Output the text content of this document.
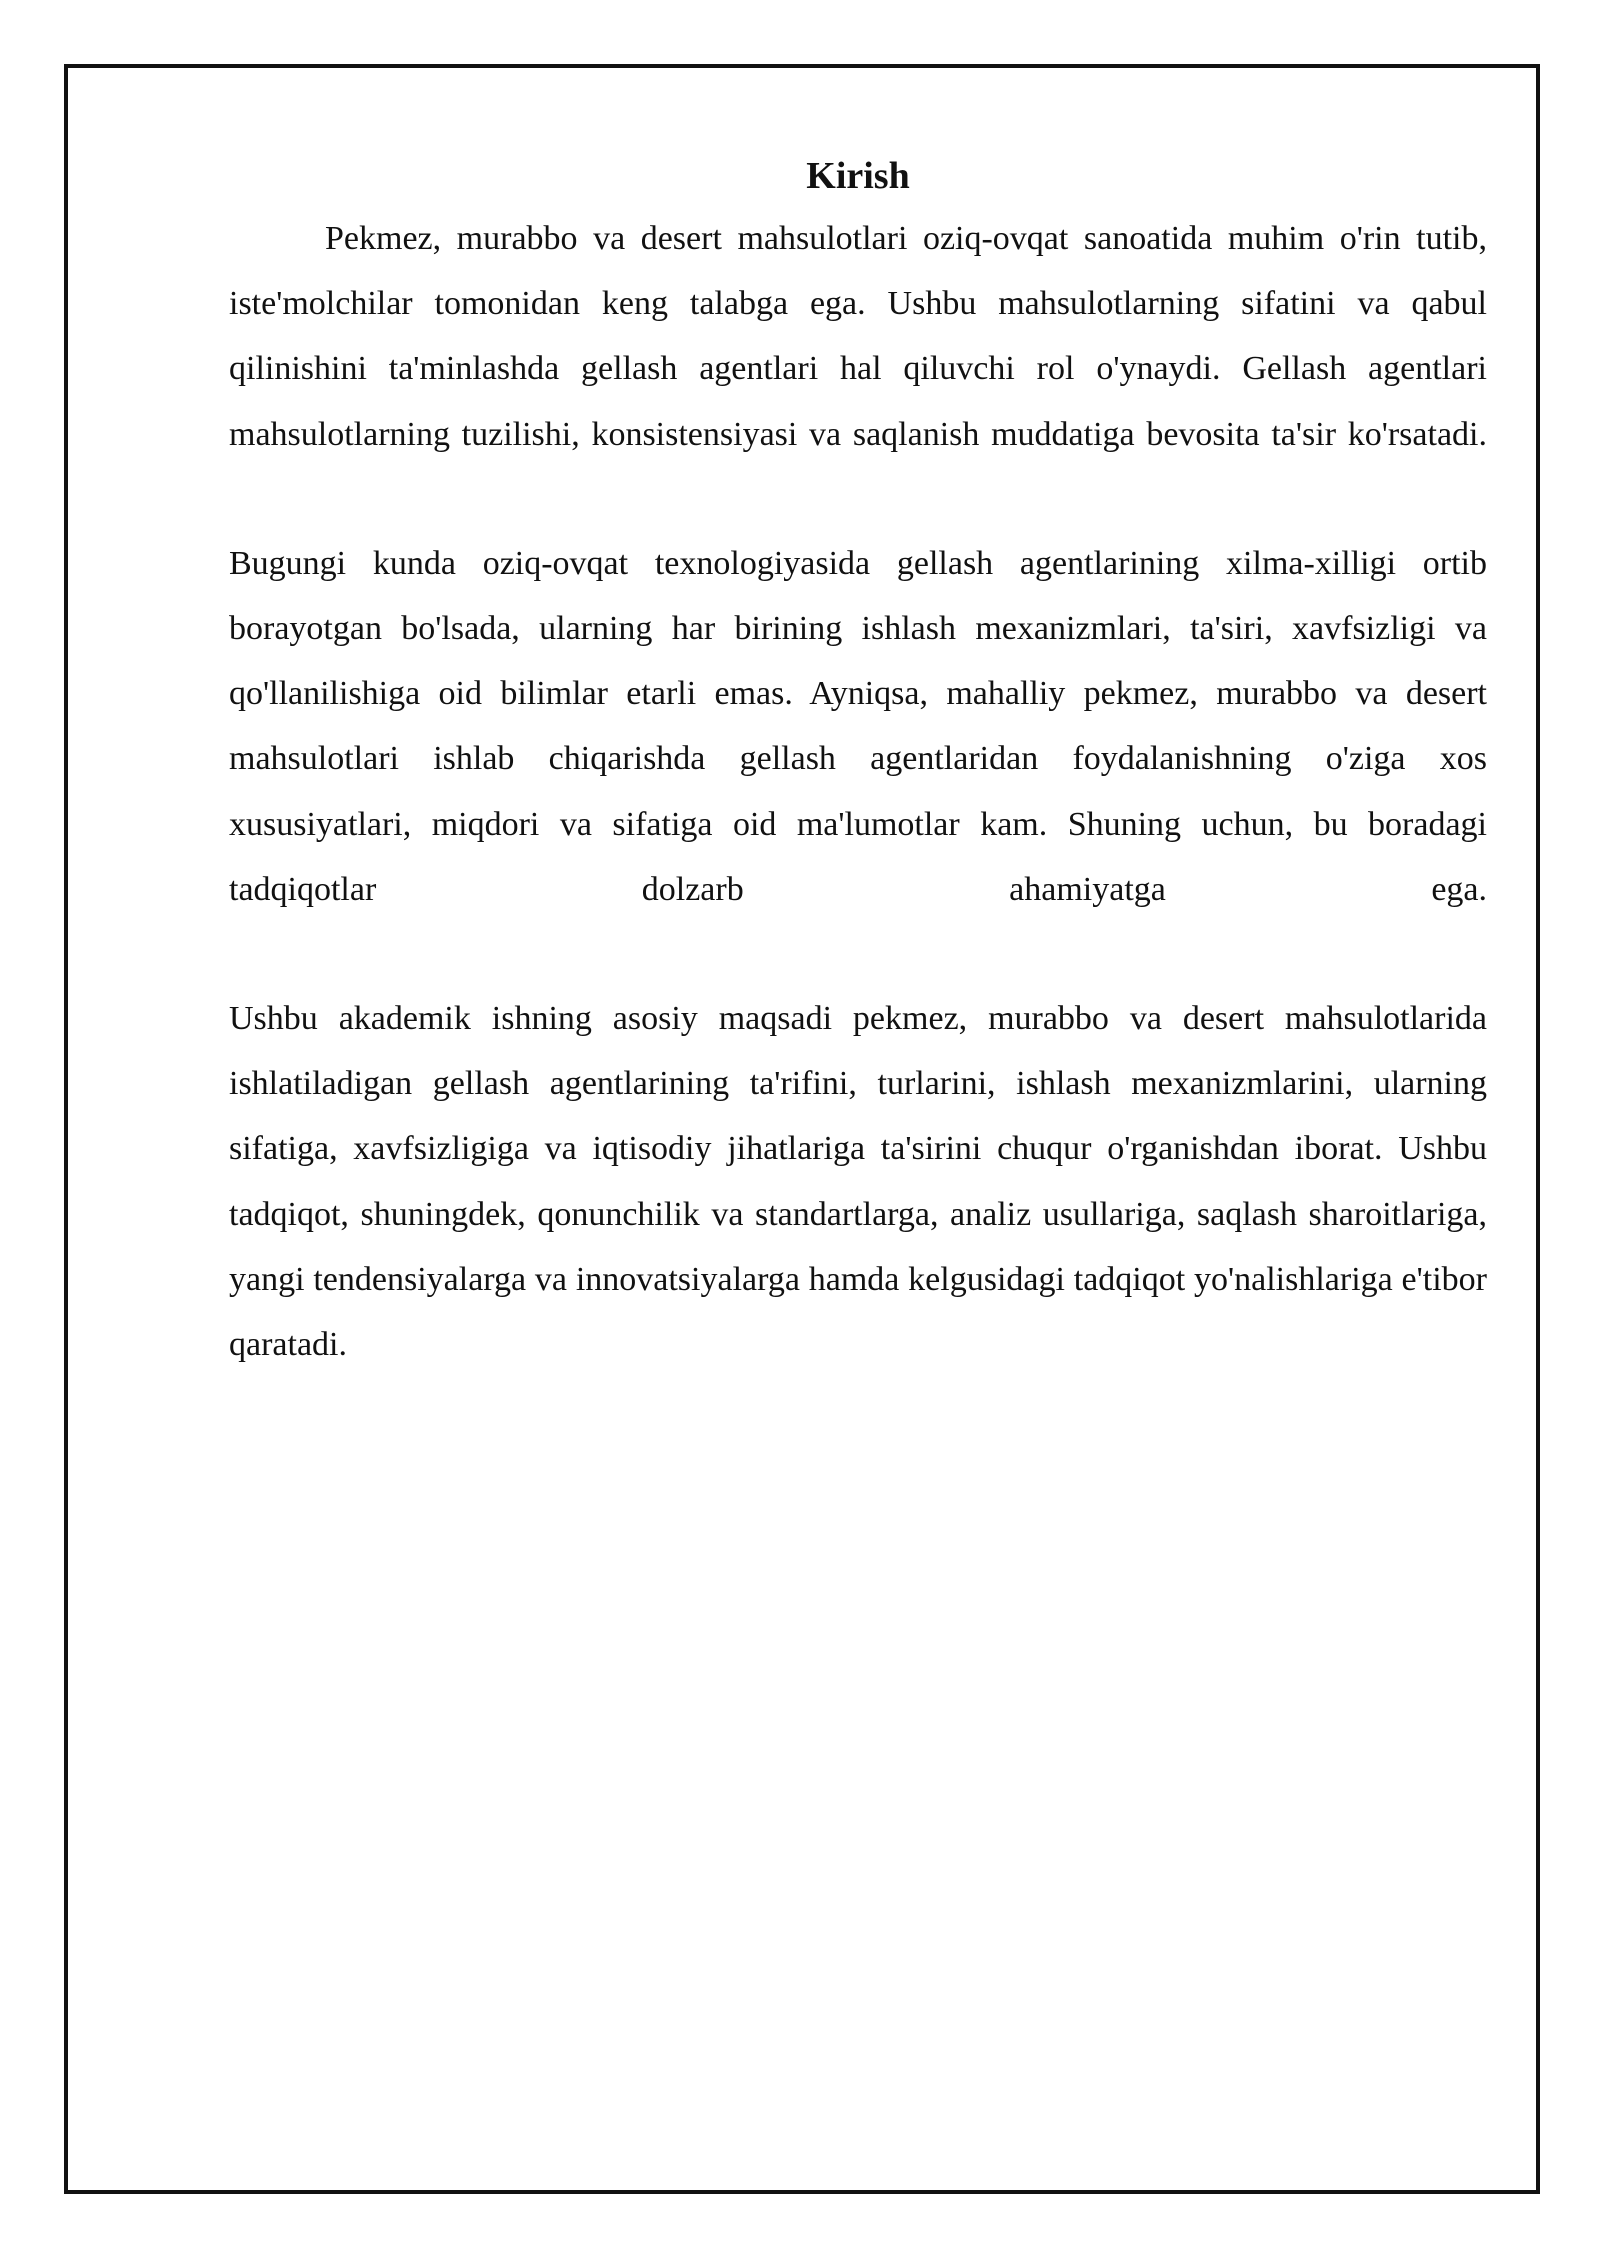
Kirish

Pekmez, murabbo va desert mahsulotlari oziq-ovqat sanoatida muhim o'rin tutib, iste'molchilar tomonidan keng talabga ega. Ushbu mahsulotlarning sifatini va qabul qilinishini ta'minlashda gellash agentlari hal qiluvchi rol o'ynaydi. Gellash agentlari mahsulotlarning tuzilishi, konsistensiyasi va saqlanish muddatiga bevosita ta'sir ko'rsatadi.

Bugungi kunda oziq-ovqat texnologiyasida gellash agentlarining xilma-xilligi ortib borayotgan bo'lsada, ularning har birining ishlash mexanizmlari, ta'siri, xavfsizligi va qo'llanilishiga oid bilimlar etarli emas. Ayniqsa, mahalliy pekmez, murabbo va desert mahsulotlari ishlab chiqarishda gellash agentlaridan foydalanishning o'ziga xos xususiyatlari, miqdori va sifatiga oid ma'lumotlar kam. Shuning uchun, bu boradagi tadqiqotlar dolzarb ahamiyatga ega.

Ushbu akademik ishning asosiy maqsadi pekmez, murabbo va desert mahsulotlarida ishlatiladigan gellash agentlarining ta'rifini, turlarini, ishlash mexanizmlarini, ularning sifatiga, xavfsizligiga va iqtisodiy jihatlariga ta'sirini chuqur o'rganishdan iborat. Ushbu tadqiqot, shuningdek, qonunchilik va standartlarga, analiz usullariga, saqlash sharoitlariga, yangi tendensiyalarga va innovatsiyalarga hamda kelgusidagi tadqiqot yo'nalishlariga e'tibor qaratadi.
